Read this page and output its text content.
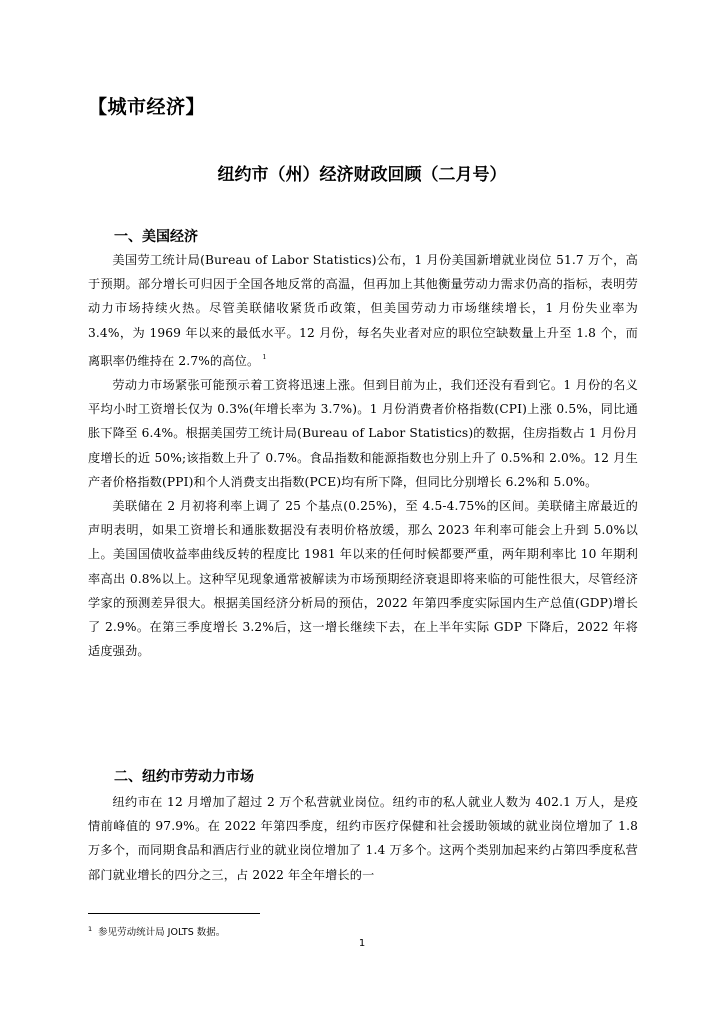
【城市经济】
纽约市（州）经济财政回顾（二月号）
一、美国经济

美国劳工统计局(Bureau of Labor Statistics)公布，1 月份美国新增就业岗位 51.7 万个，高于预期。部分增长可归因于全国各地反常的高温，但再加上其他衡量劳动力需求仍高的指标，表明劳动力市场持续火热。尽管美联储收紧货币政策，但美国劳动力市场继续增长，1 月份失业率为 3.4%，为 1969 年以来的最低水平。12 月份，每名失业者对应的职位空缺数量上升至 1.8 个，而离职率仍维持在 2.7%的高位。 $^1$

劳动力市场紧张可能预示着工资将迅速上涨。但到目前为止，我们还没有看到它。1 月份的名义平均小时工资增长仅为 0.3%(年增长率为 3.7%)。1 月份消费者价格指数(CPI)上涨 0.5%，同比通胀下降至 6.4%。根据美国劳工统计局(Bureau of Labor Statistics)的数据，住房指数占 1 月份月度增长的近 50%;该指数上升了 0.7%。食品指数和能源指数也分别上升了 0.5%和 2.0%。12 月生产者价格指数(PPI)和个人消费支出指数(PCE)均有所下降，但同比分别增长 6.2%和 5.0%。

美联储在 2 月初将利率上调了 25 个基点(0.25%)，至 4.5-4.75%的区间。美联储主席最近的声明表明，如果工资增长和通胀数据没有表明价格放缓，那么 2023 年利率可能会上升到 5.0%以上。美国国债收益率曲线反转的程度比 1981 年以来的任何时候都要严重，两年期利率比 10 年期利率高出 0.8%以上。这种罕见现象通常被解读为市场预期经济衰退即将来临的可能性很大，尽管经济学家的预测差异很大。根据美国经济分析局的预估，2022 年第四季度实际国内生产总值(GDP)增长了 2.9%。在第三季度增长 3.2%后，这一增长继续下去，在上半年实际 GDP 下降后，2022 年将适度强劲。

二、纽约市劳动力市场

纽约市在 12 月增加了超过 2 万个私营就业岗位。纽约市的私人就业人数为 402.1 万人，是疫情前峰值的 97.9%。在 2022 年第四季度，纽约市医疗保健和社会援助领域的就业岗位增加了 1.8 万多个，而同期食品和酒店行业的就业岗位增加了 1.4 万多个。这两个类别加起来约占第四季度私营部门就业增长的四分之三，占 2022 年全年增长的一

$^1$ 参见劳动统计局 JOLTS 数据。
1
